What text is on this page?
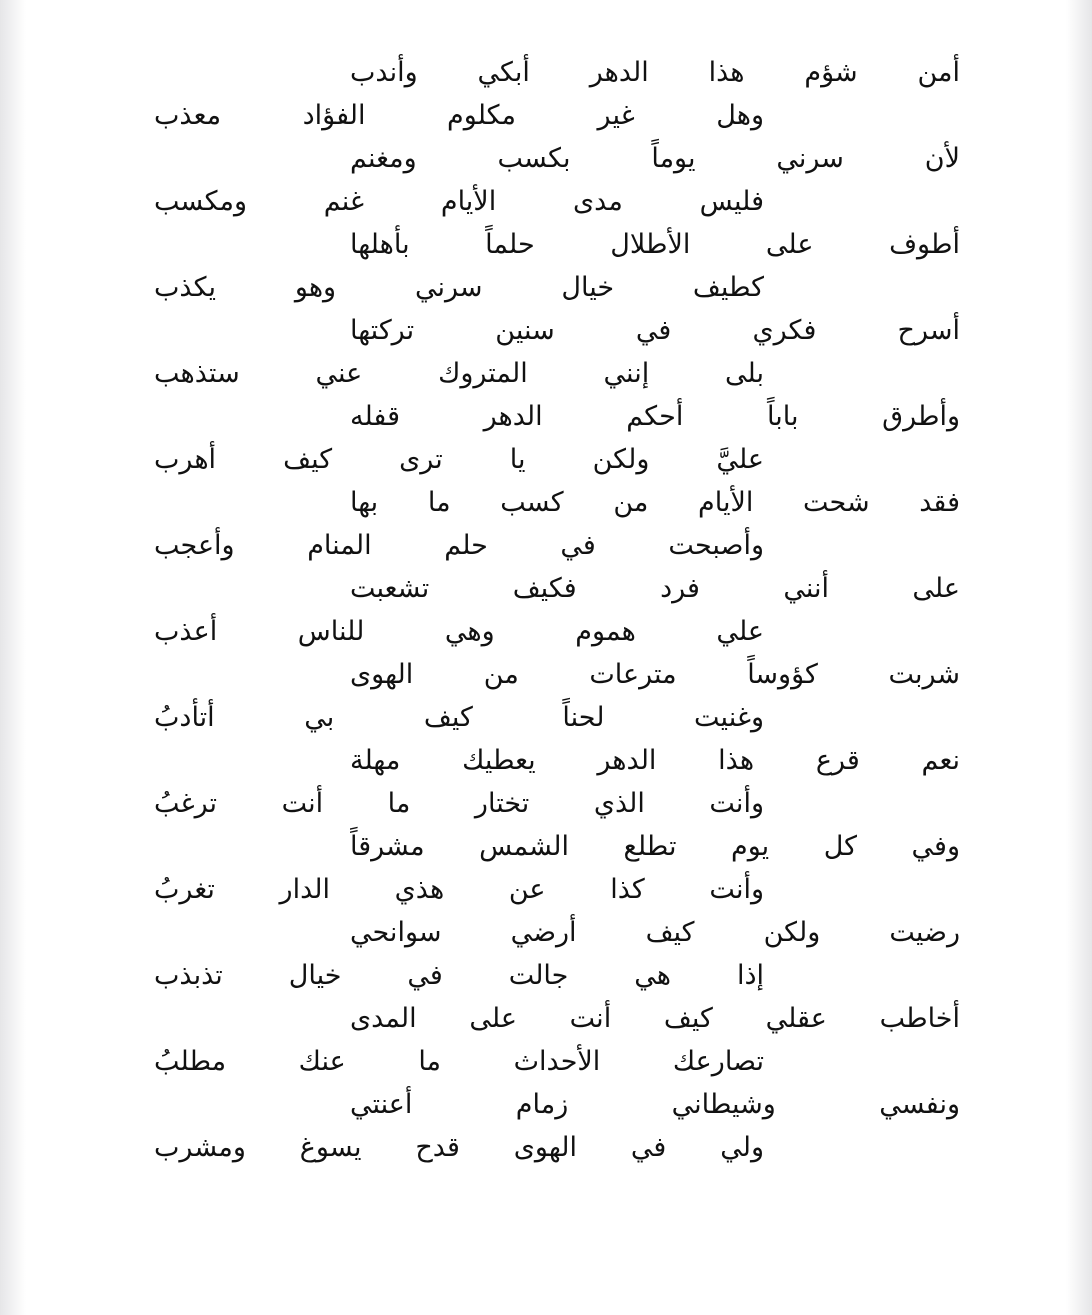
أمن شؤم هذا الدهر أبكي وأندب
وهل غير مكلوم الفؤاد معذب
لأن سرني يوماً بكسب ومغنم
فليس مدى الأيام غنم ومكسب
أطوف على الأطلال حلماً بأهلها
كطيف خيال سرني وهو يكذب
أسرح فكري في سنين تركتها
بلى إنني المتروك عني ستذهب
وأطرق باباً أحكم الدهر قفله
عليَّ ولكن يا ترى كيف أهرب
فقد شحت الأيام من كسب ما بها
وأصبحت في حلم المنام وأعجب
على أنني فرد فكيف تشعبت
علي هموم وهي للناس أعذب
شربت كؤوساً مترعات من الهوى
وغنيت لحناً كيف بي أتأدبُ
نعم قرع هذا الدهر يعطيك مهلة
وأنت الذي تختار ما أنت ترغبُ
وفي كل يوم تطلع الشمس مشرقاً
وأنت كذا عن هذي الدار تغربُ
رضيت ولكن كيف أرضي سوانحي
إذا هي جالت في خيال تذبذب
أخاطب عقلي كيف أنت على المدى
تصارعك الأحداث ما عنك مطلبُ
ونفسي وشيطاني زمام أعنتي
ولي في الهوى قدح يسوغ ومشرب
